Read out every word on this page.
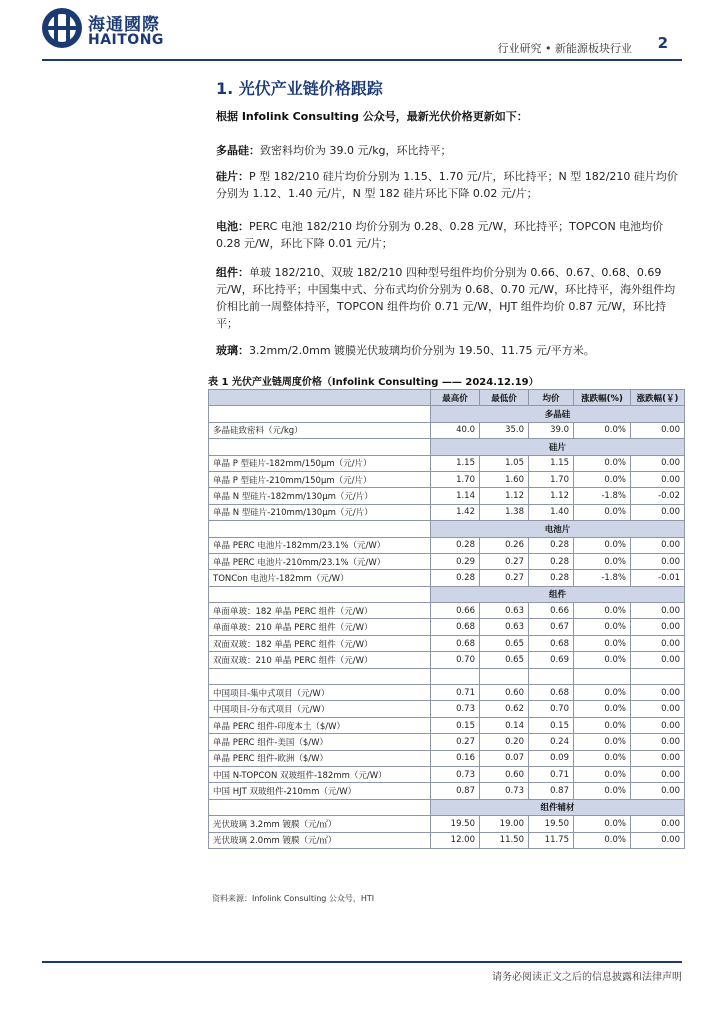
海通國際
HAITONG
行业研究 • 新能源板块行业 2
1. 光伏产业链价格跟踪
根据 Infolink Consulting 公众号，最新光伏价格更新如下：
多晶硅：致密料均价为 39.0 元/kg，环比持平；
硅片：P 型 182/210 硅片均价分别为 1.15、1.70 元/片，环比持平；N 型 182/210 硅片均价分别为 1.12、1.40 元/片，N 型 182 硅片环比下降 0.02 元/片；
电池：PERC 电池 182/210 均价分别为 0.28、0.28 元/W，环比持平；TOPCON 电池均价 0.28 元/W，环比下降 0.01 元/片；
组件：单玻 182/210、双玻 182/210 四种型号组件均价分别为 0.66、0.67、0.68、0.69 元/W，环比持平；中国集中式、分布式均价分别为 0.68、0.70 元/W，环比持平，海外组件均价相比前一周整体持平，TOPCON 组件均价 0.71 元/W，HJT 组件均价 0.87 元/W，环比持平；
玻璃：3.2mm/2.0mm 镀膜光伏玻璃均价分别为 19.50、11.75 元/平方米。
表 1 光伏产业链周度价格（Infolink Consulting —— 2024.12.19）
	最高价	最低价	均价	涨跌幅(%)	涨跌幅(￥)
	多晶硅				
多晶硅致密料（元/kg）	40.0	35.0	39.0	0.0%	0.00
	硅片				
单晶 P 型硅片-182mm/150μm（元/片）	1.15	1.05	1.15	0.0%	0.00
单晶 P 型硅片-210mm/150μm（元/片）	1.70	1.60	1.70	0.0%	0.00
单晶 N 型硅片-182mm/130μm（元/片）	1.14	1.12	1.12	-1.8%	-0.02
单晶 N 型硅片-210mm/130μm（元/片）	1.42	1.38	1.40	0.0%	0.00
	电池片				
单晶 PERC 电池片-182mm/23.1%（元/W）	0.28	0.26	0.28	0.0%	0.00
单晶 PERC 电池片-210mm/23.1%（元/W）	0.29	0.27	0.28	0.0%	0.00
TONCon 电池片-182mm（元/W）	0.28	0.27	0.28	-1.8%	-0.01
	组件				
单面单玻：182 单晶 PERC 组件（元/W）	0.66	0.63	0.66	0.0%	0.00
单面单玻：210 单晶 PERC 组件（元/W）	0.68	0.63	0.67	0.0%	0.00
双面双玻：182 单晶 PERC 组件（元/W）	0.68	0.65	0.68	0.0%	0.00
双面双玻：210 单晶 PERC 组件（元/W）	0.70	0.65	0.69	0.0%	0.00

中国项目-集中式项目（元/W）	0.71	0.60	0.68	0.0%	0.00
中国项目-分布式项目（元/W）	0.73	0.62	0.70	0.0%	0.00
单晶 PERC 组件-印度本土（$/W）	0.15	0.14	0.15	0.0%	0.00
单晶 PERC 组件-美国（$/W）	0.27	0.20	0.24	0.0%	0.00
单晶 PERC 组件-欧洲（$/W）	0.16	0.07	0.09	0.0%	0.00
中国 N-TOPCON 双玻组件-182mm（元/W）	0.73	0.60	0.71	0.0%	0.00
中国 HJT 双玻组件-210mm（元/W）	0.87	0.73	0.87	0.0%	0.00
	组件辅材				
光伏玻璃 3.2mm 镀膜（元/㎡）	19.50	19.00	19.50	0.0%	0.00
光伏玻璃 2.0mm 镀膜（元/㎡）	12.00	11.50	11.75	0.0%	0.00
资料来源：Infolink Consulting 公众号，HTI
请务必阅读正文之后的信息披露和法律声明
